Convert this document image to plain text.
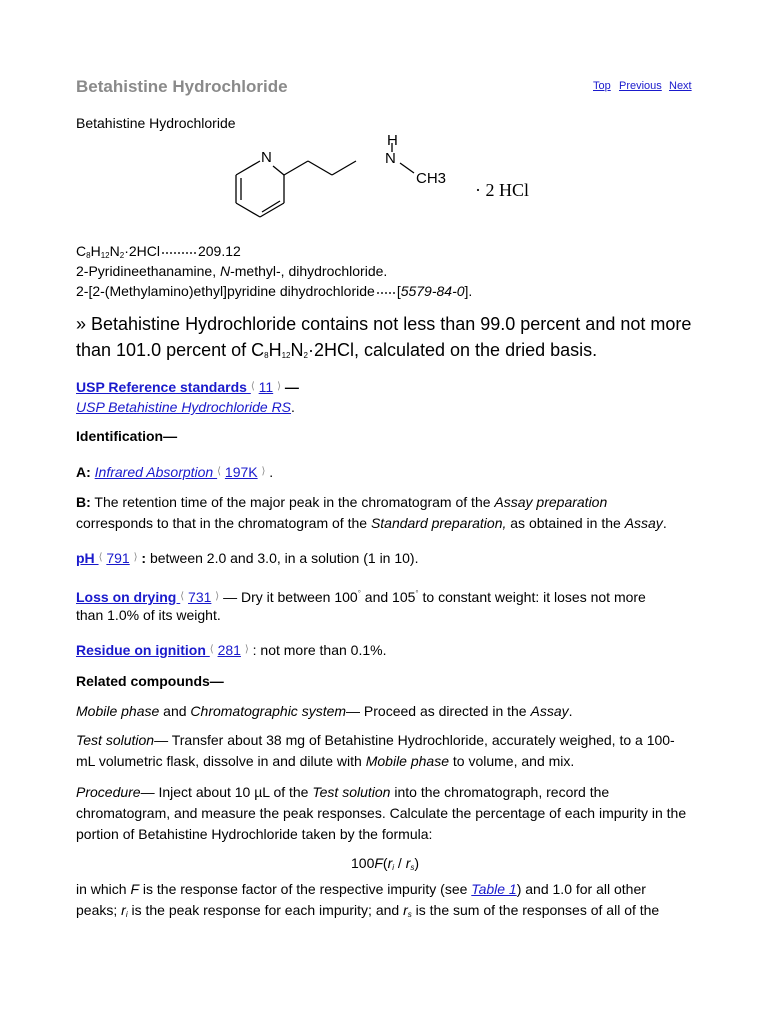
Betahistine Hydrochloride	Top Previous Next
Betahistine Hydrochloride
N
H
N
CH3
· 2 HCl
$C_8H_{12}N_2\cdot 2HCl$	209.12
2-Pyridineethanamine, N-methyl-, dihydrochloride.
2-[2-(Methylamino)ethyl]pyridine dihydrochloride [5579-84-0].
» Betahistine Hydrochloride contains not less than 99.0 percent and not more
than 101.0 percent of $C_8H_{12}N_2\cdot 2HCl$, calculated on the dried basis.
USP Reference standards ⟨ 11 ⟩ —
USP Betahistine Hydrochloride RS.
Identification—
A: Infrared Absorption ⟨ 197K ⟩ .
B: The retention time of the major peak in the chromatogram of the Assay preparation
corresponds to that in the chromatogram of the Standard preparation, as obtained in the Assay.
pH ⟨ 791 ⟩ : between 2.0 and 3.0, in a solution (1 in 10).
Loss on drying ⟨ 731 ⟩ — Dry it between 100° and 105° to constant weight: it loses not more
than 1.0% of its weight.
Residue on ignition ⟨ 281 ⟩ : not more than 0.1%.
Related compounds—
Mobile phase and Chromatographic system— Proceed as directed in the Assay.
Test solution— Transfer about 38 mg of Betahistine Hydrochloride, accurately weighed, to a 100-
mL volumetric flask, dissolve in and dilute with Mobile phase to volume, and mix.
Procedure— Inject about 10 µL of the Test solution into the chromatograph, record the
chromatogram, and measure the peak responses. Calculate the percentage of each impurity in the
portion of Betahistine Hydrochloride taken by the formula:
$100F(r_i / r_s)$
in which F is the response factor of the respective impurity (see Table 1) and 1.0 for all other
peaks; $r_i$ is the peak response for each impurity; and $r_s$ is the sum of the responses of all of the
